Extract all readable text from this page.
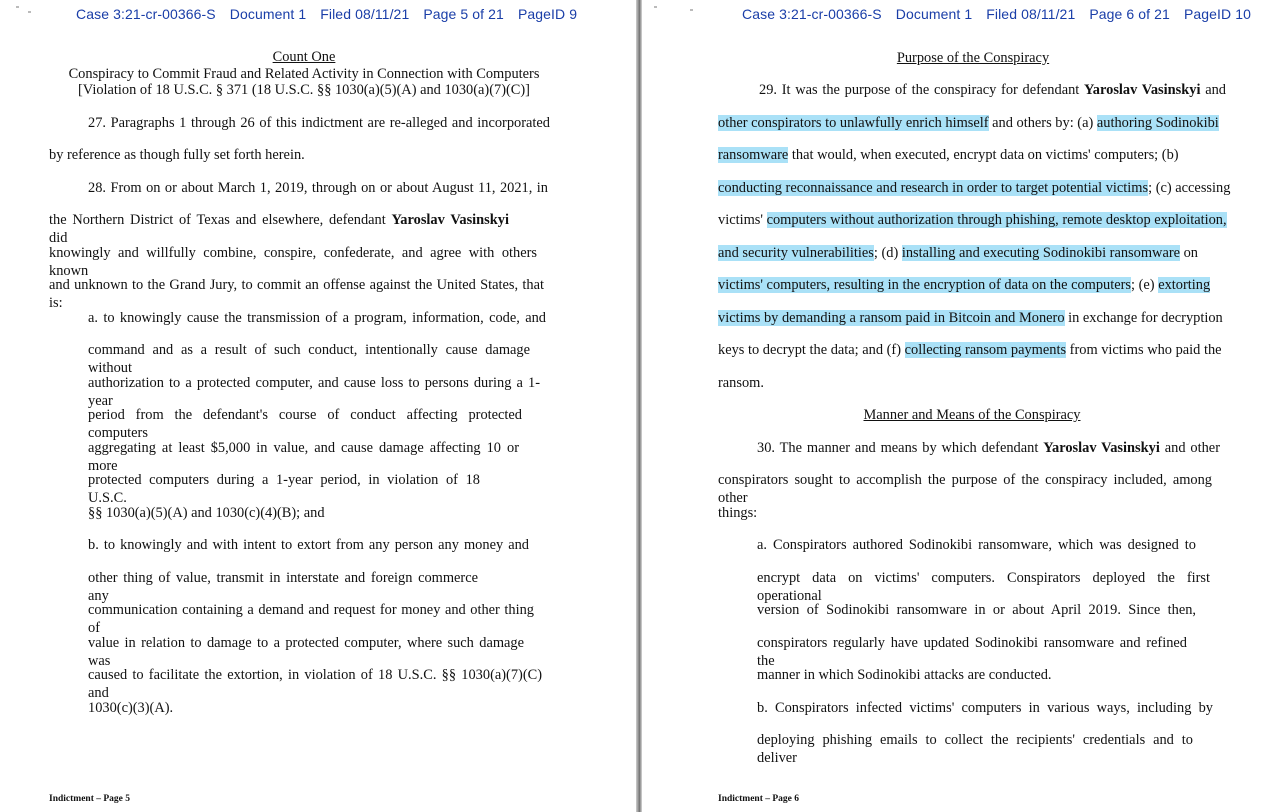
Case 3:21-cr-00366-S Document 1 Filed 08/11/21 Page 5 of 21 PageID 9
Count One
Conspiracy to Commit Fraud and Related Activity in Connection with Computers
[Violation of 18 U.S.C. § 371 (18 U.S.C. §§ 1030(a)(5)(A) and 1030(a)(7)(C)]
27. Paragraphs 1 through 26 of this indictment are re-alleged and incorporated
by reference as though fully set forth herein.
28. From on or about March 1, 2019, through on or about August 11, 2021, in
the Northern District of Texas and elsewhere, defendant Yaroslav Vasinskyi did
knowingly and willfully combine, conspire, confederate, and agree with others known
and unknown to the Grand Jury, to commit an offense against the United States, that is:
a. to knowingly cause the transmission of a program, information, code, and
command and as a result of such conduct, intentionally cause damage without
authorization to a protected computer, and cause loss to persons during a 1-year
period from the defendant's course of conduct affecting protected computers
aggregating at least $5,000 in value, and cause damage affecting 10 or more
protected computers during a 1-year period, in violation of 18 U.S.C.
§§ 1030(a)(5)(A) and 1030(c)(4)(B); and
b. to knowingly and with intent to extort from any person any money and
other thing of value, transmit in interstate and foreign commerce any
communication containing a demand and request for money and other thing of
value in relation to damage to a protected computer, where such damage was
caused to facilitate the extortion, in violation of 18 U.S.C. §§ 1030(a)(7)(C) and
1030(c)(3)(A).
Indictment – Page 5
Case 3:21-cr-00366-S Document 1 Filed 08/11/21 Page 6 of 21 PageID 10
Purpose of the Conspiracy
29. It was the purpose of the conspiracy for defendant Yaroslav Vasinskyi and
other conspirators to unlawfully enrich himself and others by: (a) authoring Sodinokibi
ransomware that would, when executed, encrypt data on victims' computers; (b)
conducting reconnaissance and research in order to target potential victims; (c) accessing
victims' computers without authorization through phishing, remote desktop exploitation,
and security vulnerabilities; (d) installing and executing Sodinokibi ransomware on
victims' computers, resulting in the encryption of data on the computers; (e) extorting
victims by demanding a ransom paid in Bitcoin and Monero in exchange for decryption
keys to decrypt the data; and (f) collecting ransom payments from victims who paid the
ransom.
Manner and Means of the Conspiracy
30. The manner and means by which defendant Yaroslav Vasinskyi and other
conspirators sought to accomplish the purpose of the conspiracy included, among other
things:
a. Conspirators authored Sodinokibi ransomware, which was designed to
encrypt data on victims' computers. Conspirators deployed the first operational
version of Sodinokibi ransomware in or about April 2019. Since then,
conspirators regularly have updated Sodinokibi ransomware and refined the
manner in which Sodinokibi attacks are conducted.
b. Conspirators infected victims' computers in various ways, including by
deploying phishing emails to collect the recipients' credentials and to deliver
Indictment – Page 6
